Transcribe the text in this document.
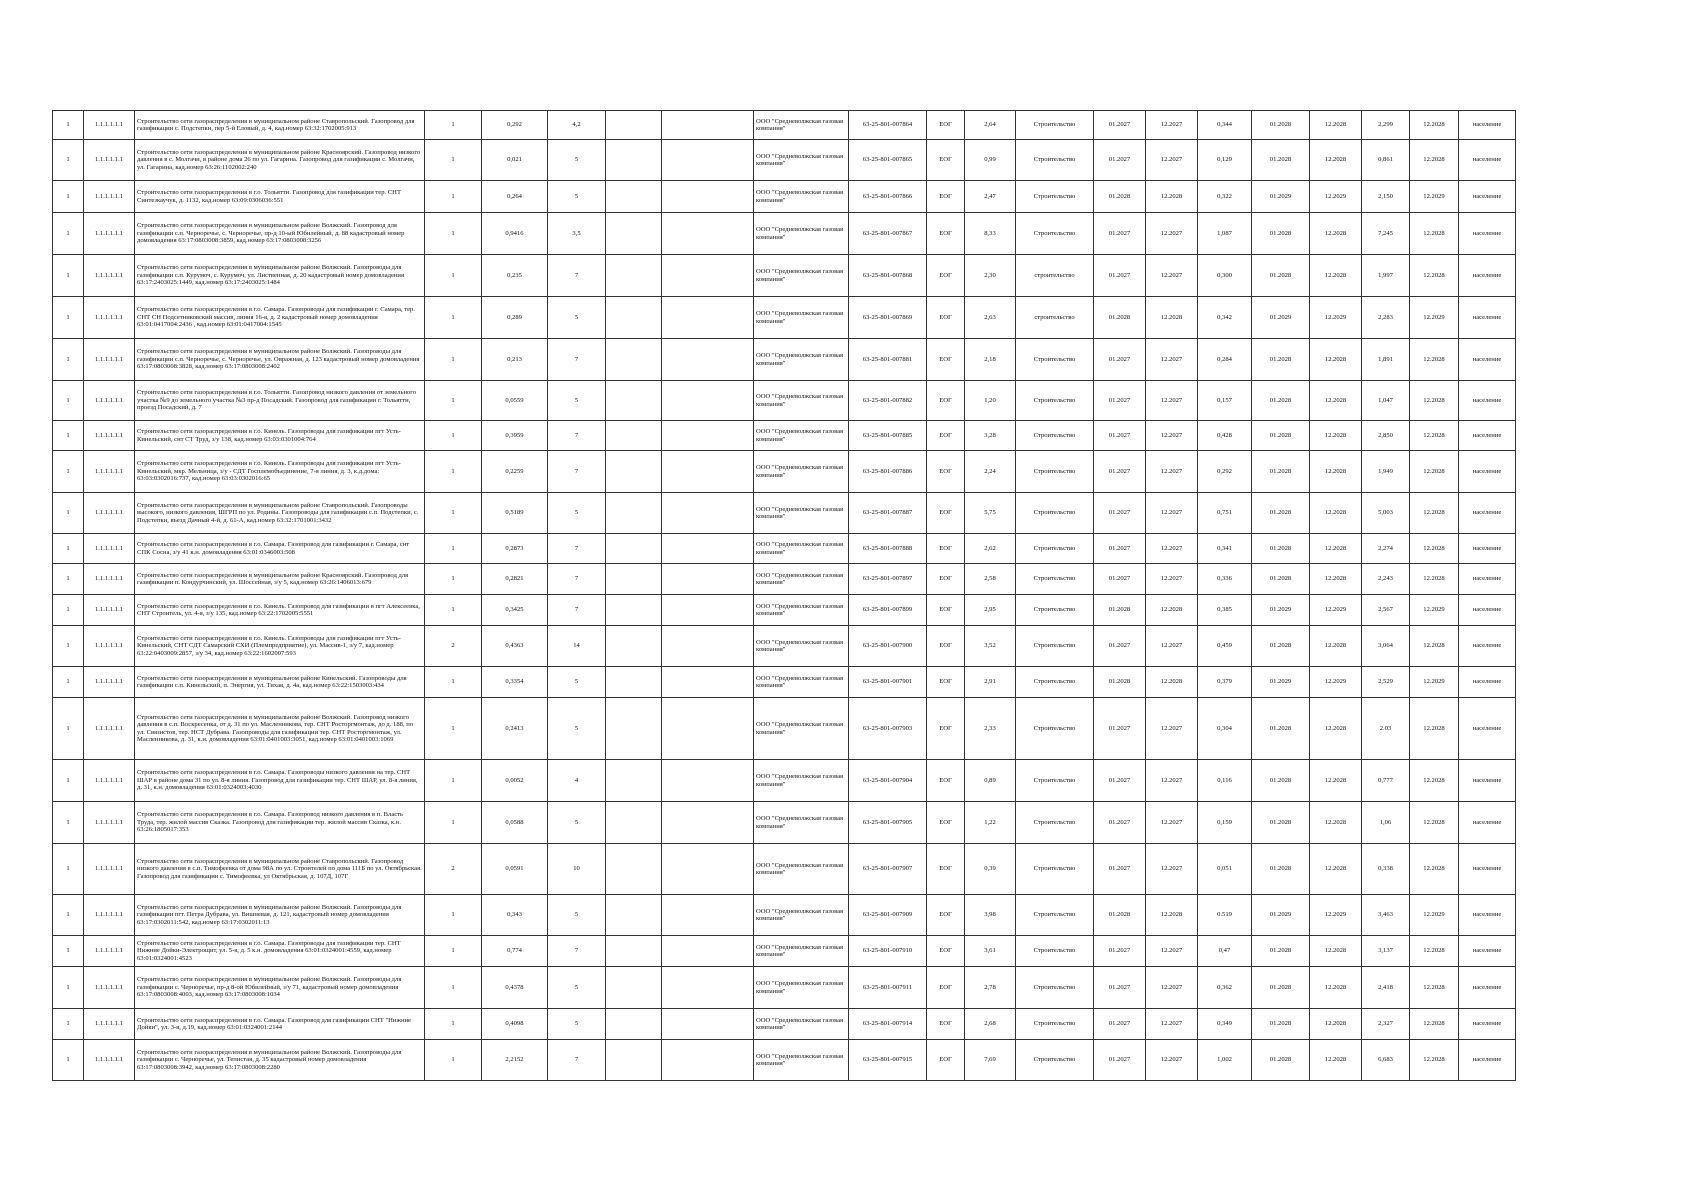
1	1.1.1.1.1.1	Строительство сети газораспределения в муниципальном районе Ставропольский. Газопровод для газификации с. Подстепки, пер 5-й Еловый, д. 4, кад.номер 63:32:1702005:913	1	0,292	4,2			ООО "Средневолжская газовая компания"	63-25-801-007864	ЕОГ	2,64	Строительство	01.2027	12.2027	0,344	01.2028	12.2028	2,299	12.2028	население
1	1.1.1.1.1.1	Строительство сети газораспределения в муниципальном районе Красноярский. Газопровод низкого давления в с. Молгачи, в районе дома 26 по ул. Гагарина. Газопровод для газификации с. Молгачи, ул. Гагарина, кад.номер 63:26:1102002:240	1	0,021	5			ООО "Средневолжская газовая компания"	63-25-801-007865	ЕОГ	0,99	Строительство	01.2027	12.2027	0,129	01.2028	12.2028	0,861	12.2028	население
1	1.1.1.1.1.1	Строительство сети газораспределения в г.о. Тольятти. Газопровод для газификации тер. СНТ Синтезкаучук, д. 1132, кад.номер 63:09:0306036:551	1	0,264	5			ООО "Средневолжская газовая компания"	63-25-801-007866	ЕОГ	2,47	Строительство	01.2028	12.2028	0,322	01.2029	12.2029	2,150	12.2029	население
1	1.1.1.1.1.1	Строительство сети газораспределения в муниципальном районе Волжский. Газопровод для газификации с.п. Черноречье, с. Черноречье, пр-д 10-ый Юбилейный, д. 88 кадастровый номер домовладения 63:17:0803008:3859, кад.номер 63:17:0803008:3256	1	0,9416	3,5			ООО "Средневолжская газовая компания"	63-25-801-007867	ЕОГ	8,33	Строительство	01.2027	12.2027	1,087	01.2028	12.2028	7,245	12.2028	население
1	1.1.1.1.1.1	Строительство сети газораспределения в муниципальном районе Волжский. Газопроводы для газификации с.п. Курумоч, с. Курумоч, ул. Лиственная, д. 20 кадастровый номер домовладения 63:17:2403025:1449, кад.номер 63:17:2403025:1484	1	0,235	7			ООО "Средневолжская газовая компания"	63-25-801-007868	ЕОГ	2,30	строительство	01.2027	12.2027	0,300	01.2028	12.2028	1,997	12.2028	население
1	1.1.1.1.1.1	Строительство сети газораспределения в г.о. Самара. Газопроводы для газификации г. Самара, тер. СНТ СН Подсетниковский массив, линия 16-я, д. 2 кадастровый номер домовладения 63:01:0417004:2436 , кад.номер 63:01:0417004:1545	1	0,289	5			ООО "Средневолжская газовая компания"	63-25-801-007869	ЕОГ	2,63	строительство	01.2028	12.2028	0,342	01.2029	12.2029	2,283	12.2029	население
1	1.1.1.1.1.1	Строительство сети газораспределения в муниципальном районе Волжский. Газопроводы для газификации с.п. Черноречье, с. Черноречье, ул. Овражная, д. 123 кадастровый номер домовладения 63:17:0803008:3828, кад.номер 63:17:0803008:2402	1	0,213	7			ООО "Средневолжская газовая компания"	63-25-801-007881	ЕОГ	2,18	Строительство	01.2027	12.2027	0,284	01.2028	12.2028	1,891	12.2028	население
1	1.1.1.1.1.1	Строительство сети газораспределения в г.о. Тольятти. Газопровод низкого давления от земельного участка №9 до земельного участка №3 пр-д Посадский. Газопровод для газификации г. Тольятти, проезд Посадский, д. 7	1	0,0559	5			ООО "Средневолжская газовая компания"	63-25-801-007882	ЕОГ	1,20	Строительство	01.2027	12.2027	0,157	01.2028	12.2028	1,047	12.2028	население
1	1.1.1.1.1.1	Строительство сети газораспределения в г.о. Кинель. Газопроводы для газификации пгт Усть-Кинельский, снт СТ Труд, з/у 138, кад.номер 63:03:0301004:764	1	0,3959	7			ООО "Средневолжская газовая компания"	63-25-801-007885	ЕОГ	3,28	Строительство	01.2027	12.2027	0,428	01.2028	12.2028	2,850	12.2028	население
1	1.1.1.1.1.1	Строительство сети газораспределения в г.о. Кинель. Газопроводы для газификации пгт Усть-Кинельский, мкр. Мельница, з/у - СДТ Госплемобъединение, 7-я линия, д. 3, к.д.дома: 63:03:0302016:737, кад.номер 63:03:0302016:65	1	0,2259	7			ООО "Средневолжская газовая компания"	63-25-801-007886	ЕОГ	2,24	Строительство	01.2027	12.2027	0,292	01.2028	12.2028	1,949	12.2028	население
1	1.1.1.1.1.1	Строительство сети газораспределения в муниципальном районе Ставропольский. Газопроводы высокого, низкого давления, ШГРП по ул. Родины. Газопроводы для газификации с.п. Подстепки, с. Подстепки, въезд Дачный 4-й, д. 61-А, кад.номер 63:32:1701001:3432	1	0,5189	5			ООО "Средневолжская газовая компания"	63-25-801-007887	ЕОГ	5,75	Строительство	01.2027	12.2027	0,751	01.2028	12.2028	5,003	12.2028	население
1	1.1.1.1.1.1	Строительство сети газораспределения в г.о. Самара. Газопровод для газификации г. Самара, снт СПК Сосна, з/у 41 к.н. домовладения 63:01:0346003:508	1	0,2873	7			ООО "Средневолжская газовая компания"	63-25-801-007888	ЕОГ	2,62	Строительство	01.2027	12.2027	0,341	01.2028	12.2028	2,274	12.2028	население
1	1.1.1.1.1.1	Строительство сети газораспределения в муниципальном районе Красноярский. Газопровод для газификации п. Кондурчинский, ул. Шоссейная, з/у 5, кад.номер 63:26:1406013:679	1	0,2821	7			ООО "Средневолжская газовая компания"	63-25-801-007897	ЕОГ	2,58	Строительство	01.2027	12.2027	0,336	01.2028	12.2028	2,243	12.2028	население
1	1.1.1.1.1.1	Строительство сети газораспределения в г.о. Кинель. Газопровод для газификации в пгт Алексеевка, СНТ Строитель, ул. 4-я, з/у 135, кад.номер 63:22:1702005:5551	1	0,3425	7			ООО "Средневолжская газовая компания"	63-25-801-007899	ЕОГ	2,95	Строительство	01.2028	12.2028	0,385	01.2029	12.2029	2,567	12.2029	население
1	1.1.1.1.1.1	Строительство сети газораспределения в г.о. Кинель. Газопроводы для газификации пгт Усть-Кинельский, СНТ СДТ Самарский СХИ (Племпредприятие), ул. Массив-1, з/у 7, кад.номер 63:22:0403009:2857, з/у 34, кад.номер 63:22:1602007:593	2	0,4363	14			ООО "Средневолжская газовая компания"	63-25-801-007900	ЕОГ	3,52	Строительство	01.2027	12.2027	0,459	01.2028	12.2028	3,064	12.2028	население
1	1.1.1.1.1.1	Строительство сети газораспределения в муниципальном районе Кинельский. Газопроводы для газификации с.п. Кинельский, п. Энергия, ул. Тихая, д. 4а, кад.номер 63:22:1503003:434	1	0,3354	5			ООО "Средневолжская газовая компания"	63-25-801-007901	ЕОГ	2,91	Строительство	01.2028	12.2028	0,379	01.2029	12.2029	2,529	12.2029	население
1	1.1.1.1.1.1	Строительство сети газораспределения в муниципальном районе Волжский. Газопровод низкого давления в с.п. Воскресенка, от д. 31 по ул. Масленникова, тер. СНТ Росторгмонтаж, до д. 188, по ул. Связистов, тер. НСТ Дубрава. Газопроводы для газификации тер. СНТ Росторгмонтаж, ул. Масленникова, д. 31, к.н. домовладения 63:01:0401003:3051, кад.номер 63:01:0401003:1069	1	0,2413	5			ООО "Средневолжская газовая компания"	63-25-801-007903	ЕОГ	2,33	Строительство	01.2027	12.2027	0,304	01.2028	12.2028	2.03	12.2028	население
1	1.1.1.1.1.1	Строительство сети газораспределения в г.о. Самара. Газопроводы низкого давления на тер. СНТ ШАР в районе дома 31 по ул. 8-я линия. Газопровод для газификации тер. СНТ ШАР, ул. 8-я линия, д. 31, к.н. домовладения 63:01:0324003:4030	1	0,0052	4			ООО "Средневолжская газовая компания"	63-25-801-007904	ЕОГ	0,89	Строительство	01.2027	12.2027	0,116	01.2028	12.2028	0,777	12.2028	население
1	1.1.1.1.1.1	Строительство сети газораспределения в г.о. Самара. Газопровод низкого давления в п. Власть Труда, тер. жилой массив Сказка. Газопровод для газификации тер. жилой массив Сказка, к.н. 63:26:1805017:353	1	0,0588	5			ООО "Средневолжская газовая компания"	63-25-801-007905	ЕОГ	1,22	Строительство	01.2027	12.2027	0,159	01.2028	12.2028	1,06	12.2028	население
1	1.1.1.1.1.1	Строительство сети газораспределения в муниципальном районе Ставропольский. Газопровод низкого давления в с.п. Тимофеевка от дома 98А по ул. Строителей по дома 111Б по ул. Октябрьская. Газопровод для газификации с. Тимофеевка, ул Октябрьская, д. 107Д, 107Г	2	0,0591	10			ООО "Средневолжская газовая компания"	63-25-801-007907	ЕОГ	0,39	Строительство	01.2027	12.2027	0,051	01.2028	12.2028	0,338	12.2028	население
1	1.1.1.1.1.1	Строительство сети газораспределения в муниципальном районе Волжский. Газопроводы для газификации пгт. Петра Дубрава, ул. Вишневая, д. 121, кадастровый номер домовладения 63:17:0302011:542, кад.номер 63:17:0302011:13	1	0,343	5			ООО "Средневолжская газовая компания"	63-25-801-007909	ЕОГ	3,98	Строительство	01.2028	12.2028	0.519	01.2029	12.2029	3,463	12.2029	население
1	1.1.1.1.1.1	Строительство сети газораспределения в г.о. Самара. Газопроводы для газификации тер. СНТ Нижние Дойки-Электрощит, ул. 5-я, д. 5 к.н. домовладения 63:01:0324001:4559, кад.номер 63:01:0324001:4523	1	0,774	7			ООО "Средневолжская газовая компания"	63-25-801-007910	ЕОГ	3,61	Строительство	01.2027	12.2027	0,47	01.2028	12.2028	3,137	12.2028	население
1	1.1.1.1.1.1	Строительство сети газораспределения в муниципальном районе Волжский. Газопроводы для газификации с. Черноречье, пр-д 8-ой Юбилейный, з/у 71, кадастровый номер домовладения 63:17:0803008:4003, кад.номер 63:17:0803008:1034	1	0,4378	5			ООО "Средневолжская газовая компания"	63-25-801-007911	ЕОГ	2,78	Строительство	01.2027	12.2027	0,362	01.2028	12.2028	2,418	12.2028	население
1	1.1.1.1.1.1	Строительство сети газораспределения в г.о. Самара. Газопровод для газификации СНТ "Нижние Дойки", ул. 3-я, д.19, кад.номер 63:01:0324001:2144	1	0,4098	5			ООО "Средневолжская газовая компания"	63-25-801-007914	ЕОГ	2,68	Строительство	01.2027	12.2027	0,349	01.2028	12.2028	2,327	12.2028	население
1	1.1.1.1.1.1	Строительство сети газораспределения в муниципальном районе Волжский. Газопроводы для газификации с. Черноречье, ул. Тепистая, д. 35 кадастровый номер домовладения 63:17:0803008:3942, кад.номер 63:17:0803008:2280	1	2,2152	7			ООО "Средневолжская газовая компания"	63-25-801-007915	ЕОГ	7,69	Строительство	01.2027	12.2027	1,002	01.2028	12.2028	6,683	12.2028	население
